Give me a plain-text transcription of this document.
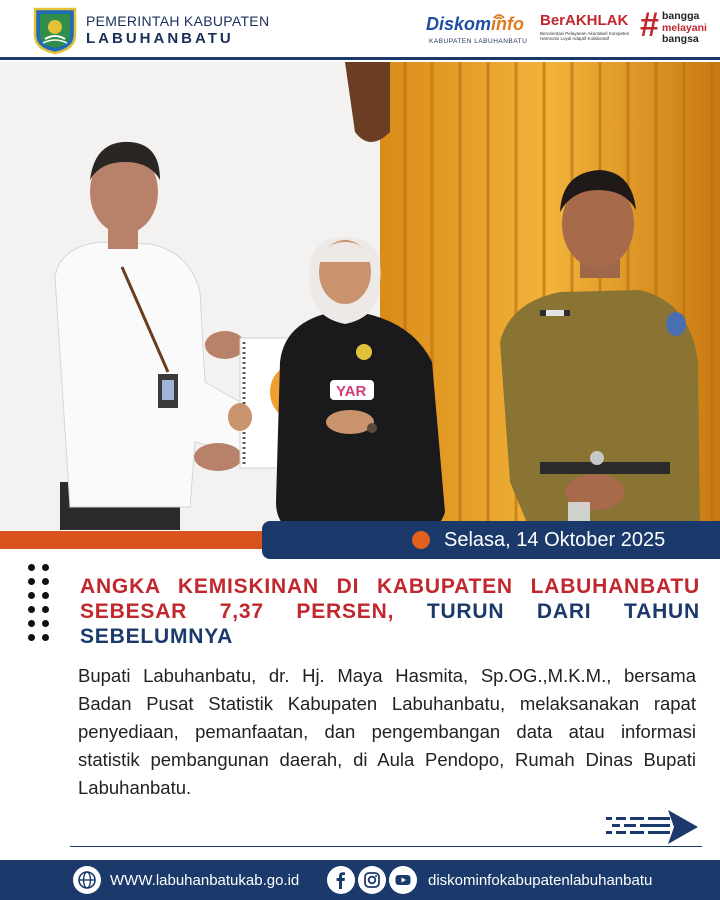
PEMERINTAH KABUPATEN
LABUHANBATU
Diskominfo
KABUPATEN LABUHANBATU
BerAKHLAK
Berorientasi Pelayanan Akuntabel Kompeten Harmonis Loyal Adaptif Kolaboratif # bangga
melayani
bangsa
YAR
Selasa, 14 Oktober 2025
ANGKA KEMISKINAN DI KABUPATEN LABUHANBATU SEBESAR 7,37 PERSEN, TURUN DARI TAHUN SEBELUMNYA
Bupati Labuhanbatu, dr. Hj. Maya Hasmita, Sp.OG.,M.K.M., bersama Badan Pusat Statistik Kabupaten Labuhanbatu, melaksanakan rapat penyediaan, pemanfaatan, dan pengembangan data atau informasi statistik pembangunan daerah, di Aula Pendopo, Rumah Dinas Bupati Labuhanbatu.
WWW.labuhanbatukab.go.id	diskominfokabupatenlabuhanbatu
